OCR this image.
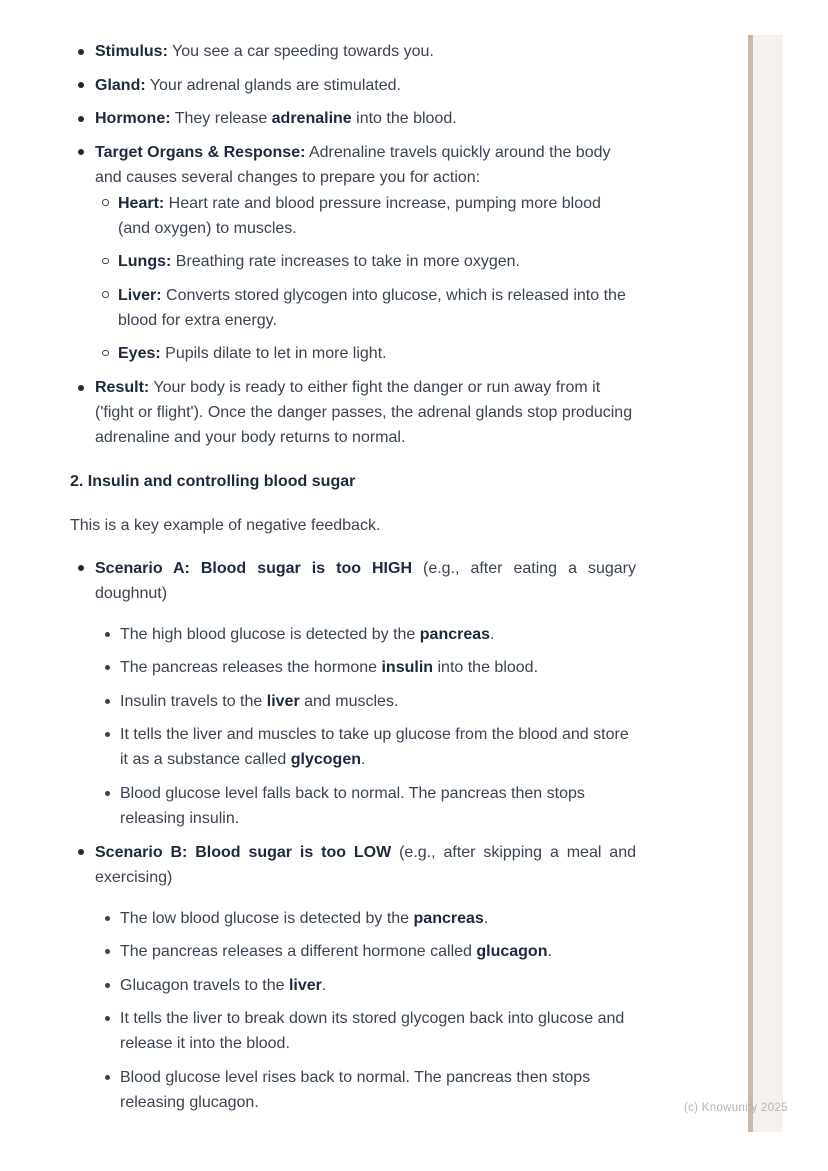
(c) Knowunity 2025
Stimulus: You see a car speeding towards you.
Gland: Your adrenal glands are stimulated.
Hormone: They release adrenaline into the blood.
Target Organs & Response: Adrenaline travels quickly around the body and causes several changes to prepare you for action:
Heart: Heart rate and blood pressure increase, pumping more blood (and oxygen) to muscles.
Lungs: Breathing rate increases to take in more oxygen.
Liver: Converts stored glycogen into glucose, which is released into the blood for extra energy.
Eyes: Pupils dilate to let in more light.
Result: Your body is ready to either fight the danger or run away from it ('fight or flight'). Once the danger passes, the adrenal glands stop producing adrenaline and your body returns to normal.
2. Insulin and controlling blood sugar

This is a key example of negative feedback.

Scenario A: Blood sugar is too HIGH (e.g., after eating a sugary doughnut)
The high blood glucose is detected by the pancreas.
The pancreas releases the hormone insulin into the blood.
Insulin travels to the liver and muscles.
It tells the liver and muscles to take up glucose from the blood and store it as a substance called glycogen.
Blood glucose level falls back to normal. The pancreas then stops releasing insulin.
Scenario B: Blood sugar is too LOW (e.g., after skipping a meal and exercising)
The low blood glucose is detected by the pancreas.
The pancreas releases a different hormone called glucagon.
Glucagon travels to the liver.
It tells the liver to break down its stored glycogen back into glucose and release it into the blood.
Blood glucose level rises back to normal. The pancreas then stops releasing glucagon.
